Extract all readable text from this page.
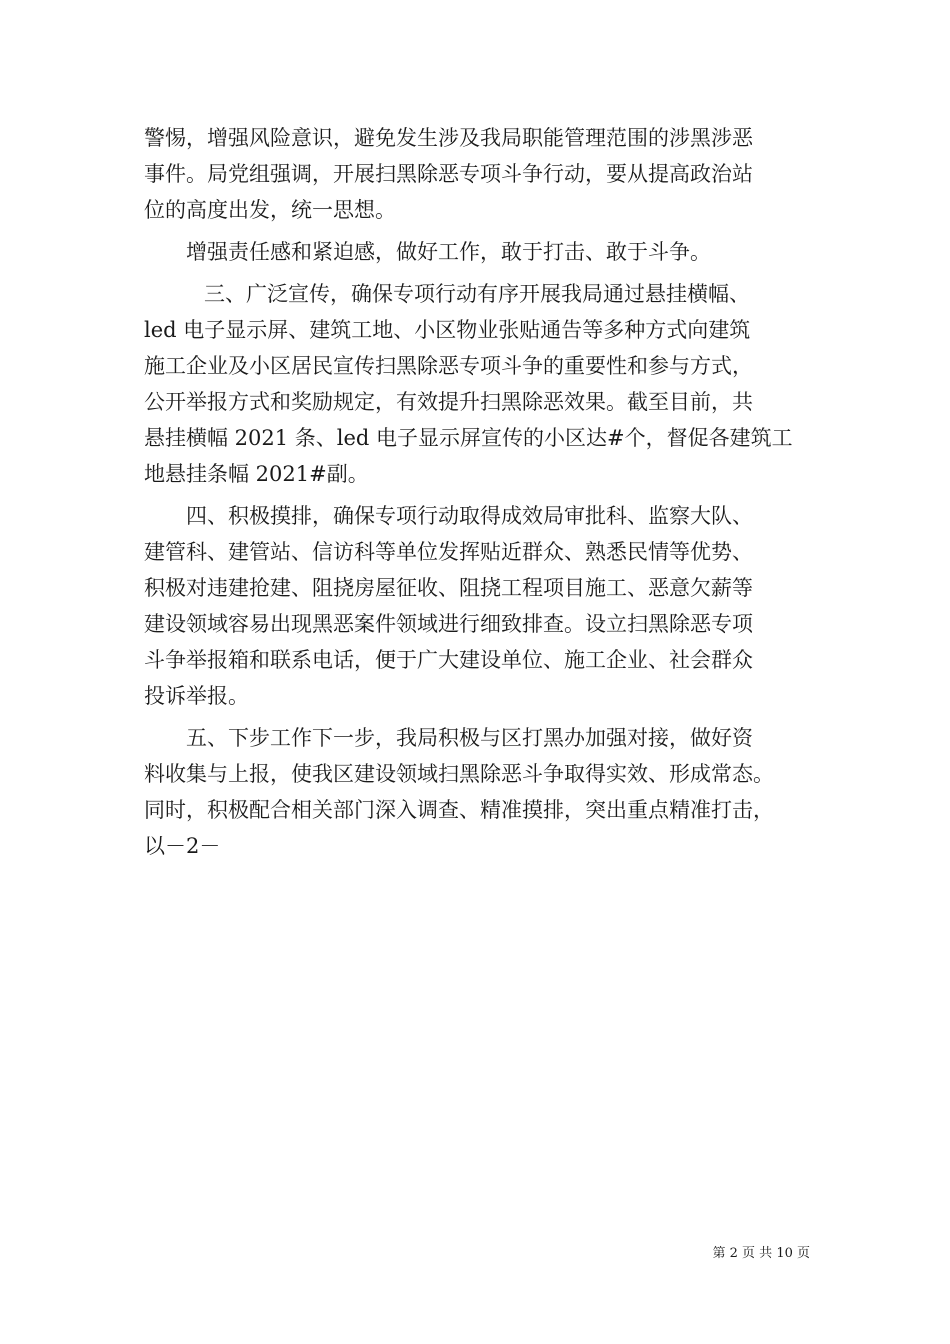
警惕，增强风险意识，避免发生涉及我局职能管理范围的涉黑涉恶
事件。局党组强调，开展扫黑除恶专项斗争行动，要从提高政治站
位的高度出发，统一思想。
增强责任感和紧迫感，做好工作，敢于打击、敢于斗争。
三、广泛宣传，确保专项行动有序开展我局通过悬挂横幅、
led 电子显示屏、建筑工地、小区物业张贴通告等多种方式向建筑
施工企业及小区居民宣传扫黑除恶专项斗争的重要性和参与方式，
公开举报方式和奖励规定，有效提升扫黑除恶效果。截至目前，共
悬挂横幅 2021 条、led 电子显示屏宣传的小区达#个，督促各建筑工
地悬挂条幅 2021#副。
四、积极摸排，确保专项行动取得成效局审批科、监察大队、
建管科、建管站、信访科等单位发挥贴近群众、熟悉民情等优势、
积极对违建抢建、阻挠房屋征收、阻挠工程项目施工、恶意欠薪等
建设领域容易出现黑恶案件领域进行细致排查。设立扫黑除恶专项
斗争举报箱和联系电话，便于广大建设单位、施工企业、社会群众
投诉举报。
五、下步工作下一步，我局积极与区打黑办加强对接，做好资
料收集与上报，使我区建设领域扫黑除恶斗争取得实效、形成常态。
同时，积极配合相关部门深入调查、精准摸排，突出重点精准打击，
以－2－
第 2 页 共 10 页
